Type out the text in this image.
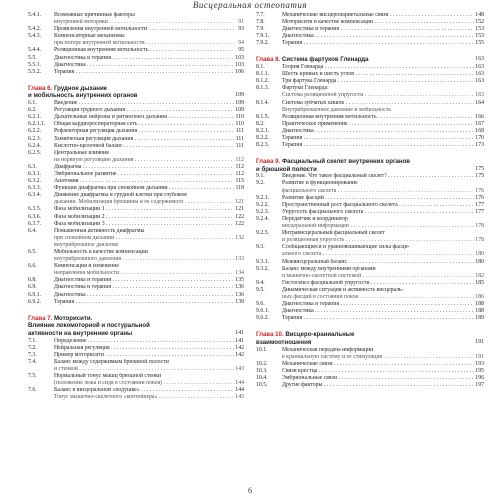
Висцеральная остеопатия
5.4.1. Возможные причинные факторы
внутренней моторики . . .	91
5.4.2. Проявления внутренней мотильности . . .	93
5.4.3. Компенсаторные механизмы
при потере внутренней мотильности . . .	94
5.4.4. Реляционная внутренняя мотильность . . .	95
5.5.	Диагностика и терапия . . .	103
5.5.1. Диагностика . . .	103
5.5.2. Терапия . . .	106
Глава 6. Грудное дыхание
и мобильность внутренних органов	109
6.1.	Введение . . .	109
6.2.	Регуляция грудного дыхания . . .	109
6.2.1. Дыхательные нейроны и ритмогенез дыхания . . .	110
6.2.1.1. Общая кардиореспираторная сеть . . .	110
6.2.2. Рефлекторная регуляция дыхания . . .	111
6.2.3. Химическая регуляция дыхания . . .	111
6.2.4. Кислотно-щелочной баланс . . .	111
6.2.5. Центральные влияния
на нервную регуляцию дыхания . . .	112
6.3.	Диафрагма . . .	112
6.3.1. Эмбриональное развитие . . .	112
6.3.2. Анатомия . . .	115
6.3.3. Функции диафрагмы при спокойном дыхании . . .	118
6.3.4. Движение диафрагмы и грудной клетки при глубоком
дыхании. Мобилизация брюшины и ее содержимого . . .	121
6.3.5. Фаза мобилизации 1 . . .	121
6.3.6. Фаза мобилизации 2 . . .	122
6.3.7. Фаза мобилизации 3 . . .	122
6.4.	Повышенная активность диафрагмы
при спокойном дыхании . . .	132
внутрибрюшное давление
6.5.	Мобильность в качестве компенсации
внутрибрюшного давления . . .	133
6.6.	Компенсация и изменение
направления мобильности . . .	134
6.8.	Диагностика и терапия . . .	135
6.9.	Диагностика и терапия . . .	136
6.9.1. Диагностика . . .	136
6.9.2. Терапия . . .	139
Глава 7. Моторисити.
Влияние локомоторной и постуральной
активности на внутренние органы	141
7.1.	Определение . . .	141
7.2.	Нейральная регуляция . . .	142
7.3.	Пример моторисити . . .	142
7.4.	Баланс между содержимым брюшной полости
и стенкой . . .	143
7.5.	Нормальный тонус мышц брюшной стенки
(положение лежа и сидя в состоянии покоя) . . .	144
7.6.	Баланс в висцеральной «подушке» . . .	144
Тонус мышечно-скелетного «контейнера» . . .	145
7.7.	Механические висцеропариетальные связи . . .	148
7.8.	Моторисити в качестве компенсации . . .	152
7.9.	Диагностика и терапия . . .	153
7.9.1. Диагностика . . .	153
7.9.2. Терапия . . .	155
Глава 8. Система фартуков Гленарда	163
8.1.	Теория Гленарда . . .	163
8.1.1. Шесть кривых и шесть углов . . .	163
8.1.2. Три фартука Гленарда . . .	163
8.1.3. Фартуки Гленарда:
Система реляционной упругости . . .	163
8.1.4. Система зубчатых кишок . . .	164
Внутрибрюшечное давление и мобильность
8.1.5. Реляционная внутренняя мотильность . . .	166
8.2.	Практическое применение . . .	167
8.2.1. Диагностика . . .	168
8.2.2. Терапия . . .	170
8.2.3. Терапия . . .	173
Глава 9. Фасциальный скелет внутренних органов
и брюшной полости	175
9.1.	Введение. Что такое фасциальный скелет? . . .	175
9.2.	Развитие и функционирование
фасциального скелета . . .	176
9.2.1. Развитие фасций . . .	176
9.2.2. Пространственный рост фасциального скелета . . .	177
9.2.3. Упругость фасциального скелета . . .	177
9.2.4. Передатчик и координатор
висцеральной информации . . .	178
9.2.5. Интрависцеральный фасциальный скелет
и реляционная упругость . . .	178
9.3.	Сообщающиеся и уравновешивающие силы фасци-
ального скелета . . .	180
9.3.1. Межвисцеральный баланс . . .	180
9.3.2. Баланс между внутренними органами
и мышечно-скелетной системой . . .	182
9.4.	Гистогенез фасциальной упругости . . .	185
9.5.	Динамическая ситуация и активность висцераль-
ных фасций в состоянии покоя . . .	186
9.6.	Диагностика и терапия . . .	188
9.6.1. Диагностика . . .	188
9.6.2. Терапия . . .	189
Глава 10. Висцеро-краниальные
взаимоотношения	191
10.1. Механическая передача информации
в краниальную систему и ее стимуляция . . .	191
10.2. Механические связи . . .	193
10.3. Связи крестца . . .	195
10.4. Эмбриональные связи . . .	196
10.5. Другие факторы . . .	197
6
